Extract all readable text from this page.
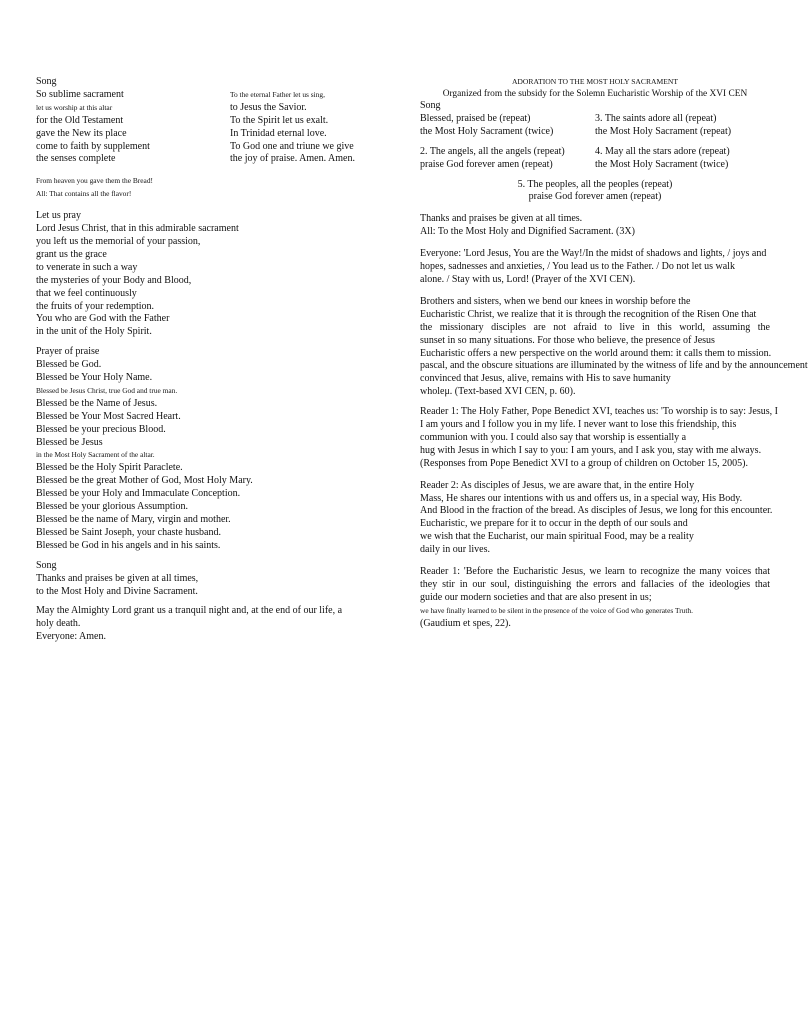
Song
So sublime sacrament
let us worship at this altar
for the Old Testament
gave the New its place
come to faith by supplement
the senses complete
To the eternal Father let us sing,
to Jesus the Savior.
To the Spirit let us exalt.
In Trinidad eternal love.
To God one and triune we give
the joy of praise. Amen. Amen.
From heaven you gave them the Bread!
All: That contains all the flavor!
Let us pray
Lord Jesus Christ, that in this admirable sacrament
you left us the memorial of your passion,
grant us the grace
to venerate in such a way
the mysteries of your Body and Blood,
that we feel continuously
the fruits of your redemption.
You who are God with the Father
in the unit of the Holy Spirit.
Prayer of praise
Blessed be God.
Blessed be Your Holy Name.
Blessed be Jesus Christ, true God and true man.
Blessed be the Name of Jesus.
Blessed be Your Most Sacred Heart.
Blessed be your precious Blood.
Blessed be Jesus
in the Most Holy Sacrament of the altar.
Blessed be the Holy Spirit Paraclete.
Blessed be the great Mother of God, Most Holy Mary.
Blessed be your Holy and Immaculate Conception.
Blessed be your glorious Assumption.
Blessed be the name of Mary, virgin and mother.
Blessed be Saint Joseph, your chaste husband.
Blessed be God in his angels and in his saints.
Song
Thanks and praises be given at all times,
to the Most Holy and Divine Sacrament.
May the Almighty Lord grant us a tranquil night and, at the end of our life, a
holy death.
Everyone: Amen.
ADORATION TO THE MOST HOLY SACRAMENT
Organized from the subsidy for the Solemn Eucharistic Worship of the XVI CEN
Song
Blessed, praised be (repeat)
the Most Holy Sacrament (twice)
3. The saints adore all (repeat)
the Most Holy Sacrament (repeat)
2. The angels, all the angels (repeat)
praise God forever amen (repeat)
4. May all the stars adore (repeat)
the Most Holy Sacrament (twice)
5. The peoples, all the peoples (repeat)
praise God forever amen (repeat)
Thanks and praises be given at all times.
All: To the Most Holy and Dignified Sacrament. (3X)
Everyone: 'Lord Jesus, You are the Way!/In the midst of shadows and lights, / joys and
hopes, sadnesses and anxieties, / You lead us to the Father. / Do not let us walk
alone. / Stay with us, Lord! (Prayer of the XVI CEN).
Brothers and sisters, when we bend our knees in worship before the
Eucharistic Christ, we realize that it is through the recognition of the Risen One that
the missionary disciples are not afraid to live in this world, assuming the
sunset in so many situations. For those who believe, the presence of Jesus
Eucharistic offers a new perspective on the world around them: it calls them to mission.
pascal, and the obscure situations are illuminated by the witness of life and by the announcement
convinced that Jesus, alive, remains with His to save humanity
wholeμ. (Text-based XVI CEN, p. 60).
Reader 1: The Holy Father, Pope Benedict XVI, teaches us: 'To worship is to say: Jesus, I
I am yours and I follow you in my life. I never want to lose this friendship, this
communion with you. I could also say that worship is essentially a
hug with Jesus in which I say to you: I am yours, and I ask you, stay with me always.
(Responses from Pope Benedict XVI to a group of children on October 15, 2005).
Reader 2: As disciples of Jesus, we are aware that, in the entire Holy
Mass, He shares our intentions with us and offers us, in a special way, His Body.
And Blood in the fraction of the bread. As disciples of Jesus, we long for this encounter.
Eucharistic, we prepare for it to occur in the depth of our souls and
we wish that the Eucharist, our main spiritual Food, may be a reality
daily in our lives.
Reader 1: 'Before the Eucharistic Jesus, we learn to recognize the many voices that
they stir in our soul, distinguishing the errors and fallacies of the ideologies that
guide our modern societies and that are also present in us;
we have finally learned to be silent in the presence of the voice of God who generates Truth.
(Gaudium et spes, 22).
